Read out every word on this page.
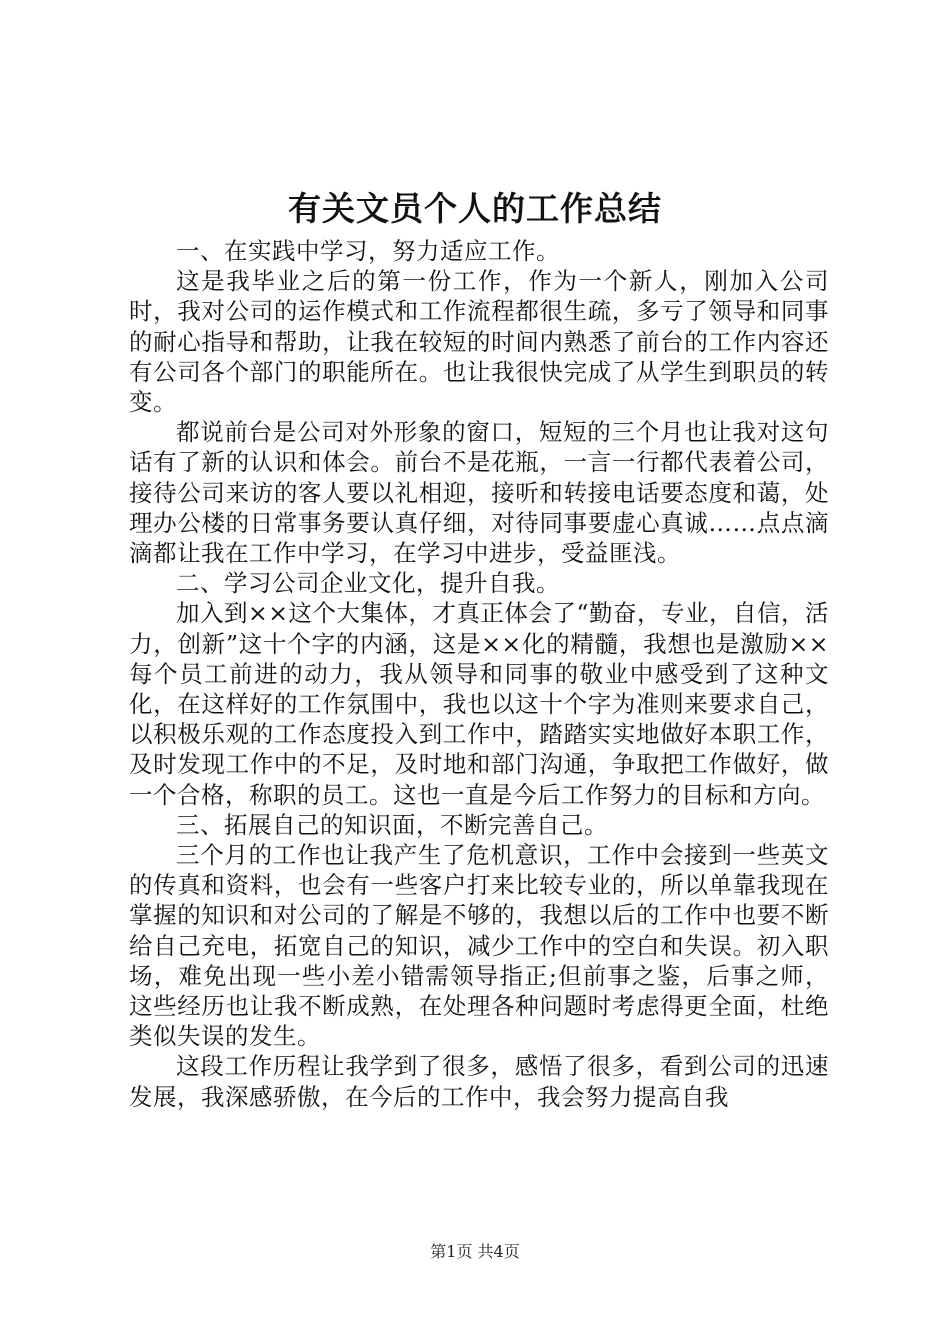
有关文员个人的工作总结

一、在实践中学习，努力适应工作。

这是我毕业之后的第一份工作，作为一个新人，刚加入公司时，我对公司的运作模式和工作流程都很生疏，多亏了领导和同事的耐心指导和帮助，让我在较短的时间内熟悉了前台的工作内容还有公司各个部门的职能所在。也让我很快完成了从学生到职员的转变。

都说前台是公司对外形象的窗口，短短的三个月也让我对这句话有了新的认识和体会。前台不是花瓶，一言一行都代表着公司，接待公司来访的客人要以礼相迎，接听和转接电话要态度和蔼，处理办公楼的日常事务要认真仔细，对待同事要虚心真诚……点点滴滴都让我在工作中学习，在学习中进步，受益匪浅。

二、学习公司企业文化，提升自我。

加入到××这个大集体，才真正体会了“勤奋，专业，自信，活力，创新”这十个字的内涵，这是××化的精髓，我想也是激励××每个员工前进的动力，我从领导和同事的敬业中感受到了这种文化，在这样好的工作氛围中，我也以这十个字为准则来要求自己，以积极乐观的工作态度投入到工作中，踏踏实实地做好本职工作，及时发现工作中的不足，及时地和部门沟通，争取把工作做好，做一个合格，称职的员工。这也一直是今后工作努力的目标和方向。

三、拓展自己的知识面，不断完善自己。

三个月的工作也让我产生了危机意识，工作中会接到一些英文的传真和资料，也会有一些客户打来比较专业的，所以单靠我现在掌握的知识和对公司的了解是不够的，我想以后的工作中也要不断给自己充电，拓宽自己的知识，减少工作中的空白和失误。初入职场，难免出现一些小差小错需领导指正;但前事之鉴，后事之师，这些经历也让我不断成熟，在处理各种问题时考虑得更全面，杜绝类似失误的发生。

这段工作历程让我学到了很多，感悟了很多，看到公司的迅速发展，我深感骄傲，在今后的工作中，我会努力提高自我

第1页 共4页
